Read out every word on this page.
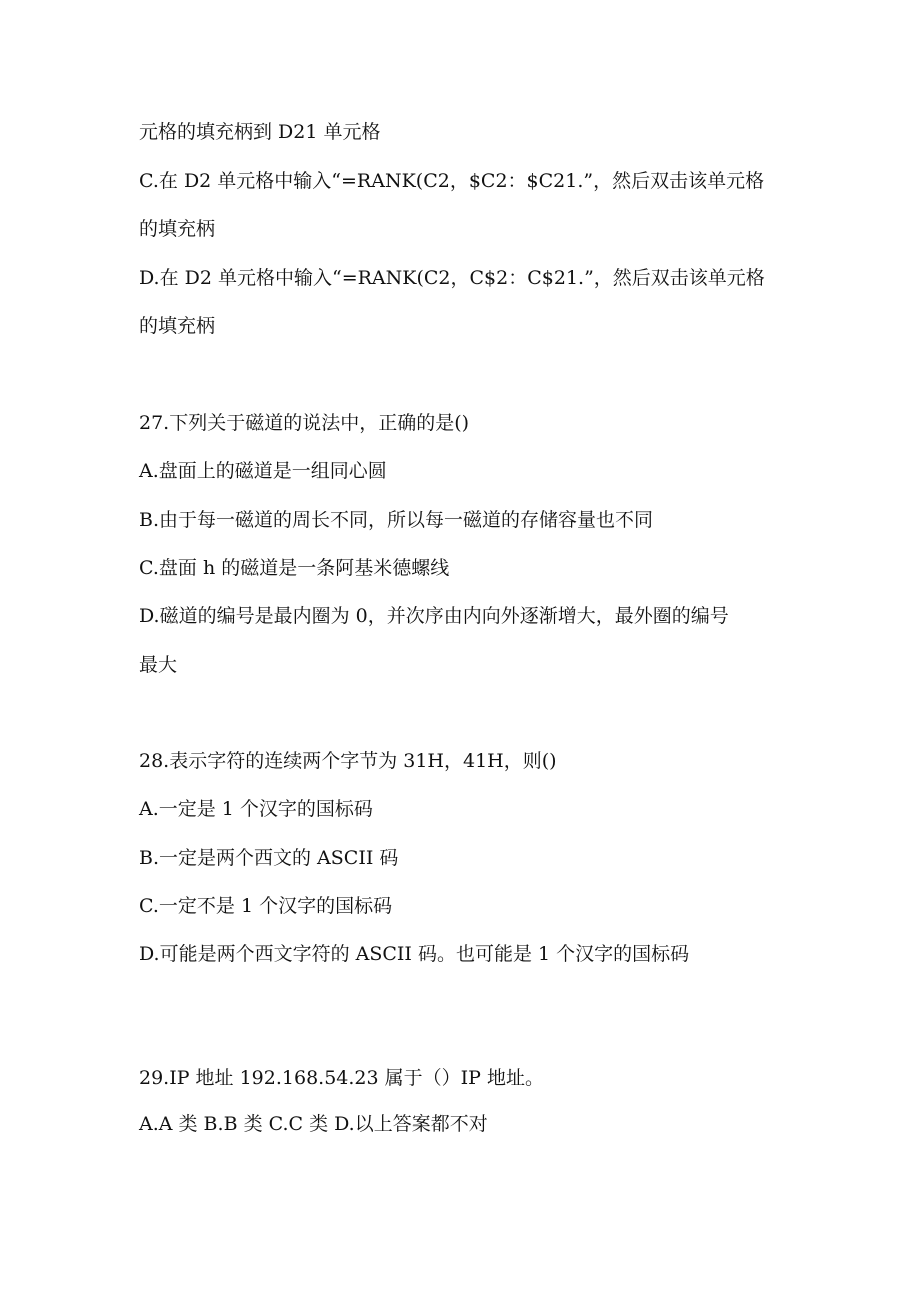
元格的填充柄到 D21 单元格

C.在 D2 单元格中输入“=RANK(C2，$C2：$C21.”，然后双击该单元格

的填充柄

D.在 D2 单元格中输入“=RANK(C2，C$2：C$21.”，然后双击该单元格

的填充柄

27.下列关于磁道的说法中，正确的是()

A.盘面上的磁道是一组同心圆

B.由于每一磁道的周长不同，所以每一磁道的存储容量也不同

C.盘面 h 的磁道是一条阿基米德螺线

D.磁道的编号是最内圈为 0，并次序由内向外逐渐增大，最外圈的编号

最大

28.表示字符的连续两个字节为 31H，41H，则()

A.一定是 1 个汉字的国标码

B.一定是两个西文的 ASCII 码

C.一定不是 1 个汉字的国标码

D.可能是两个西文字符的 ASCII 码。也可能是 1 个汉字的国标码

29.IP 地址 192.168.54.23 属于（）IP 地址。

A.A 类 B.B 类 C.C 类 D.以上答案都不对
